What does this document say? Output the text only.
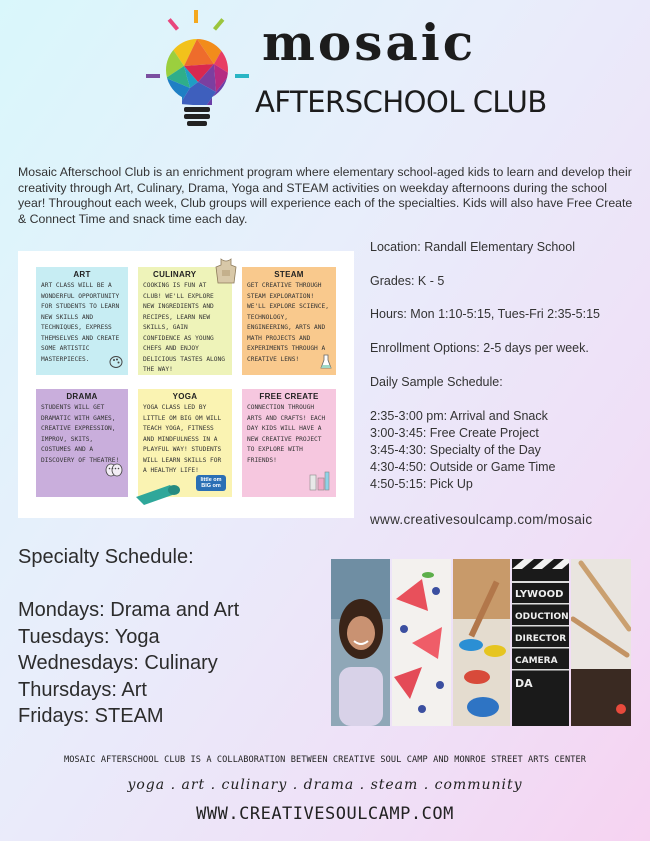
mosaic
AFTERSCHOOL CLUB
Mosaic Afterschool Club is an enrichment program where elementary school-aged kids to learn and develop their creativity through Art, Culinary, Drama, Yoga and STEAM activities on weekday afternoons during the school year! Throughout each week, Club groups will experience each of the specialties. Kids will also have Free Create & Connect Time and snack time each day.
ART
ART CLASS WILL BE A WONDERFUL OPPORTUNITY FOR STUDENTS TO LEARN NEW SKILLS AND TECHNIQUES, EXPRESS THEMSELVES AND CREATE SOME ARTISTIC MASTERPIECES.
CULINARY
COOKING IS FUN AT CLUB! WE'LL EXPLORE NEW INGREDIENTS AND RECIPES, LEARN NEW SKILLS, GAIN CONFIDENCE AS YOUNG CHEFS AND ENJOY DELICIOUS TASTES ALONG THE WAY!
STEAM
GET CREATIVE THROUGH STEAM EXPLORATION! WE'LL EXPLORE SCIENCE, TECHNOLOGY, ENGINEERING, ARTS AND MATH PROJECTS AND EXPERIMENTS THROUGH A CREATIVE LENS!
DRAMA
STUDENTS WILL GET DRAMATIC WITH GAMES, CREATIVE EXPRESSION, IMPROV, SKITS, COSTUMES AND A DISCOVERY OF THEATRE!
YOGA
YOGA CLASS LED BY LITTLE OM BIG OM WILL TEACH YOGA, FITNESS AND MINDFULNESS IN A PLAYFUL WAY! STUDENTS WILL LEARN SKILLS FOR A HEALTHY LIFE!
little om BIG om
FREE CREATE
CONNECTION THROUGH ARTS AND CRAFTS! EACH DAY KIDS WILL HAVE A NEW CREATIVE PROJECT TO EXPLORE WITH FRIENDS!
Location: Randall Elementary School
Grades: K - 5
Hours: Mon 1:10-5:15, Tues-Fri 2:35-5:15
Enrollment Options: 2-5 days per week.
Daily Sample Schedule:
2:35-3:00 pm: Arrival and Snack
3:00-3:45: Free Create Project
3:45-4:30: Specialty of the Day
4:30-4:50: Outside or Game Time
4:50-5:15: Pick Up
www.creativesoulcamp.com/mosaic
Specialty Schedule:
Mondays: Drama and Art
Tuesdays: Yoga
Wednesdays: Culinary
Thursdays: Art
Fridays: STEAM
LYWOOD
ODUCTION
DIRECTOR
CAMERA
DA
MOSAIC AFTERSCHOOL CLUB IS A COLLABORATION BETWEEN CREATIVE SOUL CAMP AND MONROE STREET ARTS CENTER
yoga . art . culinary . drama . steam . community
WWW.CREATIVESOULCAMP.COM
